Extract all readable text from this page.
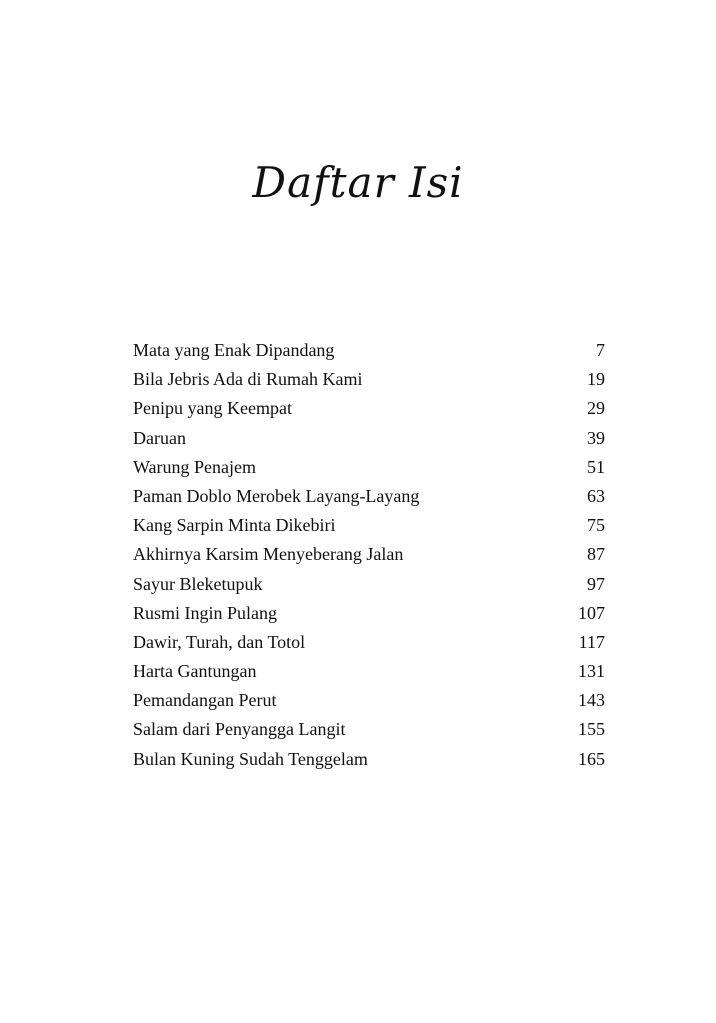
Daftar Isi
Mata yang Enak Dipandang	7
Bila Jebris Ada di Rumah Kami	19
Penipu yang Keempat	29
Daruan	39
Warung Penajem	51
Paman Doblo Merobek Layang-Layang	63
Kang Sarpin Minta Dikebiri	75
Akhirnya Karsim Menyeberang Jalan	87
Sayur Bleketupuk	97
Rusmi Ingin Pulang	107
Dawir, Turah, dan Totol	117
Harta Gantungan	131
Pemandangan Perut	143
Salam dari Penyangga Langit	155
Bulan Kuning Sudah Tenggelam	165
